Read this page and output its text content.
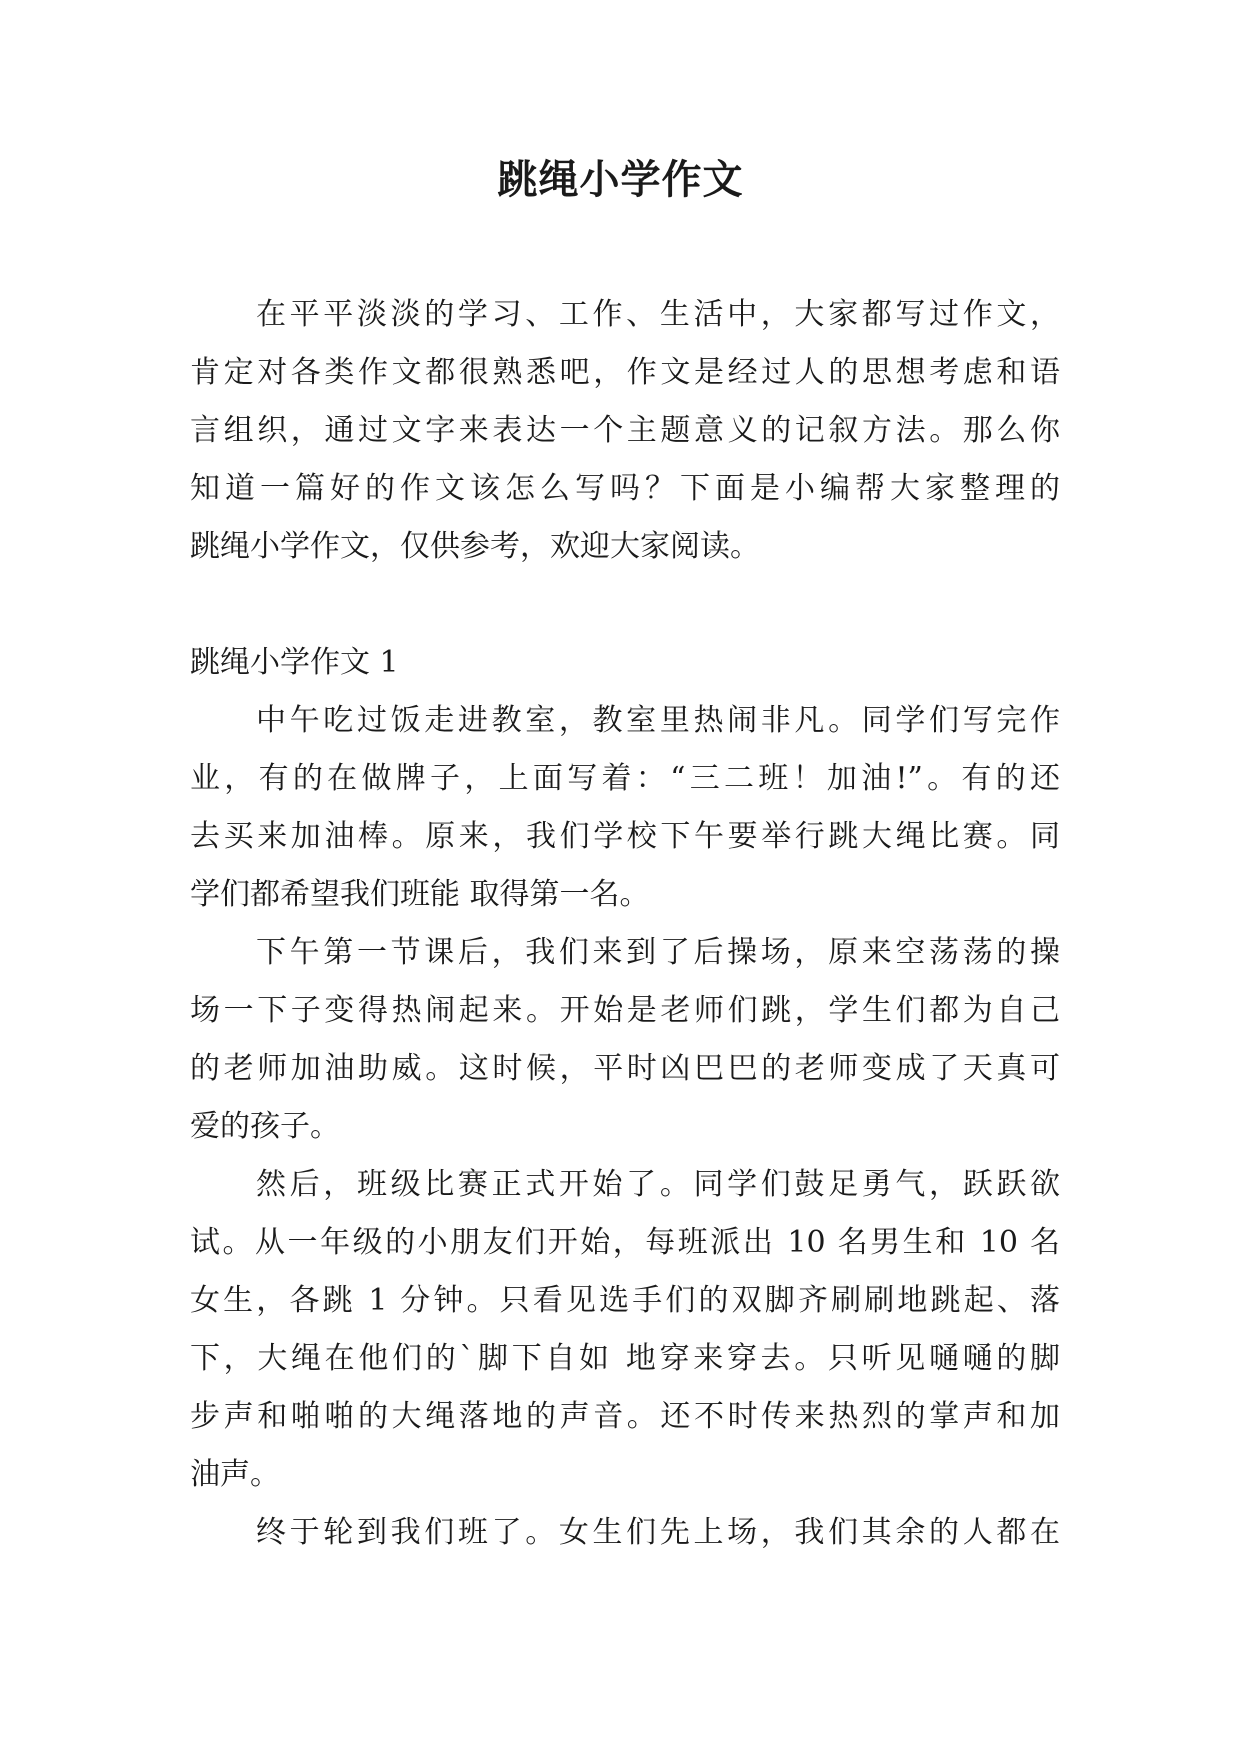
跳绳小学作文
在平平淡淡的学习、工作、生活中，大家都写过作文，
肯定对各类作文都很熟悉吧，作文是经过人的思想考虑和语
言组织，通过文字来表达一个主题意义的记叙方法。那么你
知道一篇好的作文该怎么写吗？下面是小编帮大家整理的
跳绳小学作文，仅供参考，欢迎大家阅读。
跳绳小学作文 1
中午吃过饭走进教室，教室里热闹非凡。同学们写完作
业，有的在做牌子，上面写着：“三二班！加油!”。有的还
去买来加油棒。原来，我们学校下午要举行跳大绳比赛。同
学们都希望我们班能 取得第一名。
下午第一节课后，我们来到了后操场，原来空荡荡的操
场一下子变得热闹起来。开始是老师们跳，学生们都为自己
的老师加油助威。这时候，平时凶巴巴的老师变成了天真可
爱的孩子。
然后，班级比赛正式开始了。同学们鼓足勇气，跃跃欲
试。从一年级的小朋友们开始，每班派出 10 名男生和 10 名
女生，各跳 1 分钟。只看见选手们的双脚齐刷刷地跳起、落
下，大绳在他们的`脚下自如 地穿来穿去。只听见嗵嗵的脚
步声和啪啪的大绳落地的声音。还不时传来热烈的掌声和加
油声。
终于轮到我们班了。女生们先上场，我们其余的人都在
